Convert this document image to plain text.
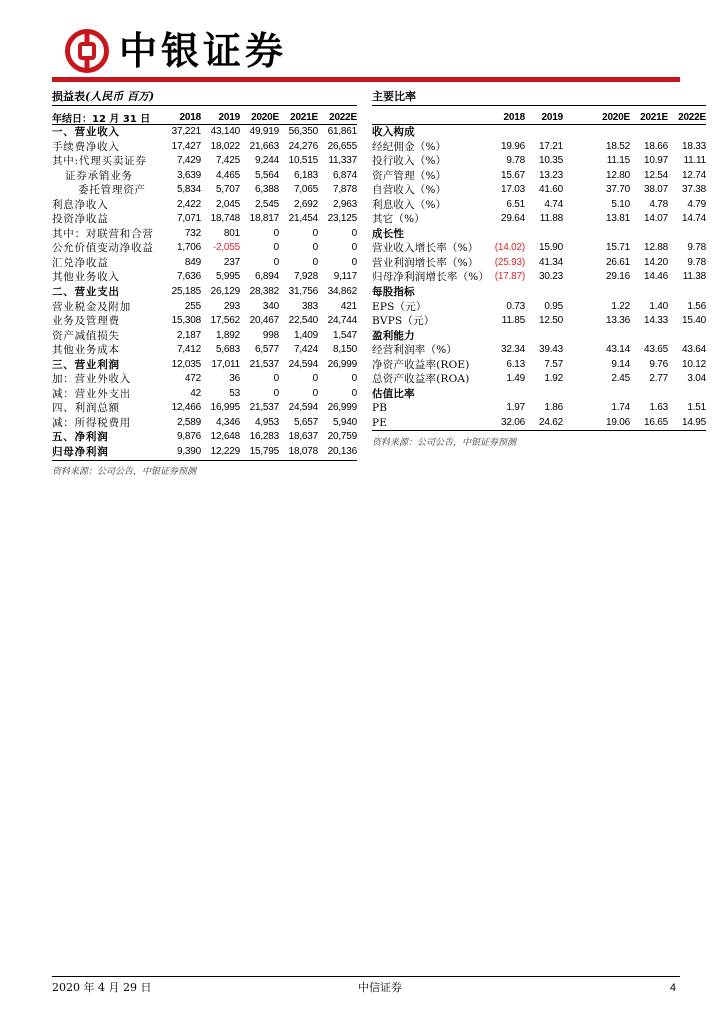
中银证券
损益表(人民币 百万)
年结日：12 月 31 日	2018	2019	2020E	2021E	2022E
一、营业收入	37,221 43,140 49,919 56,350 61,861
手续费净收入	17,427 18,022 21,663 24,276 26,655
其中:代理买卖证券	7,429	7,425	9,244 10,515	11,337
证券承销业务	3,639	4,465	5,564	6,183	6,874
委托管理资产	5,834	5,707	6,388	7,065	7,878
利息净收入	2,422	2,045	2,545	2,692	2,963
投资净收益	7,071 18,748 18,817 21,454 23,125
其中：对联营和合营	732	801	0	0	0
公允价值变动净收益	1,706	-2,055	0	0	0
汇兑净收益	849	237	0	0	0
其他业务收入	7,636	5,995	6,894	7,928	9,117
二、营业支出	25,185 26,129 28,382 31,756 34,862
营业税金及附加	255	293	340	383	421
业务及管理费	15,308 17,562 20,467 22,540 24,744
资产减值损失	2,187	1,892	998	1,409	1,547
其他业务成本	7,412	5,683	6,577	7,424	8,150
三、营业利润	12,035	17,011 21,537 24,594 26,999
加：营业外收入	472	36	0	0	0
减：营业外支出	42	53	0	0	0
四、利润总额	12,466 16,995 21,537 24,594 26,999
减：所得税费用	2,589	4,346	4,953	5,657	5,940
五、净利润	9,876 12,648 16,283 18,637 20,759
归母净利润	9,390 12,229 15,795 18,078 20,136
资料来源：公司公告，中银证券预测
主要比率
2018	2019	2020E	2021E	2022E
收入构成
经纪佣金（%）	19.96	17.21	18.52	18.66	18.33
投行收入（%）	9.78	10.35	11.15	10.97	11.11
资产管理（%）	15.67	13.23	12.80	12.54	12.74
自营收入（%）	17.03	41.60	37.70	38.07	37.38
利息收入（%）	6.51	4.74	5.10	4.78	4.79
其它（%）	29.64	11.88	13.81	14.07	14.74
成长性
营业收入增长率（%）	(14.02)	15.90	15.71	12.88	9.78
营业利润增长率（%）	(25.93)	41.34	26.61	14.20	9.78
归母净利润增长率（%） (17.87)	30.23	29.16	14.46	11.38
每股指标
EPS（元）	0.73	0.95	1.22	1.40	1.56
BVPS（元）	11.85	12.50	13.36	14.33	15.40
盈利能力
经营利润率（%）	32.34	39.43	43.14	43.65	43.64
净资产收益率(ROE)	6.13	7.57	9.14	9.76	10.12
总资产收益率(ROA)	1.49	1.92	2.45	2.77	3.04
估值比率
PB	1.97	1.86	1.74	1.63	1.51
PE	32.06	24.62	19.06	16.65	14.95
资料来源：公司公告，中银证券预测
2020 年 4 月 29 日	中信证券	4
